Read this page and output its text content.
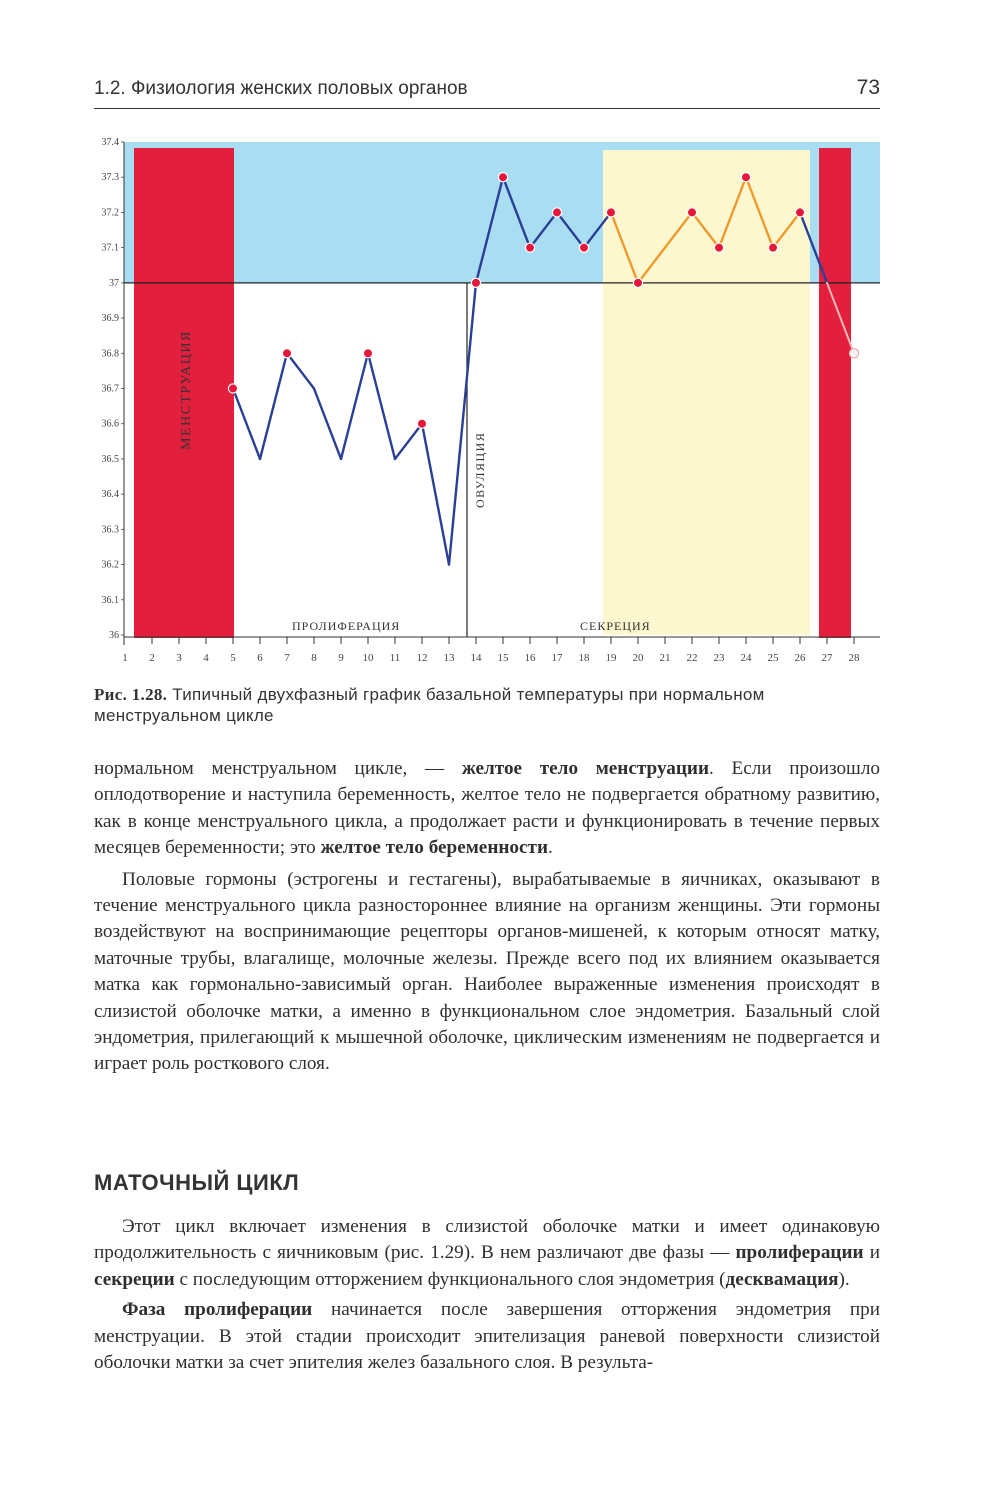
1.2. Физиология женских половых органов	73
МЕНСТРУАЦИЯ
ОВУЛЯЦИЯ
ПРОЛИФЕРАЦИЯ	СЕКРЕЦИЯ
36
36.1
36.2
36.3
36.4
36.5
36.6
36.7
36.8
36.9
37
37.1
37.2
37.3
37.4
1 2 3 4 5 6 7 8 9 10 11 12 13 14 15 16 17 18 19 20 21 22 23 24 25 26 27 28
Рис. 1.28. Типичный двухфазный график базальной температуры при нормальном менструальном цикле

нормальном менструальном цикле, — желтое тело менструации. Если произошло оплодотворение и наступила беременность, желтое тело не подвергается обратному развитию, как в конце менструального цикла, а продолжает расти и функционировать в течение первых месяцев беременности; это желтое тело беременности.

Половые гормоны (эстрогены и гестагены), вырабатываемые в яичниках, оказывают в течение менструального цикла разностороннее влияние на организм женщины. Эти гормоны воздействуют на воспринимающие рецепторы органов-мишеней, к которым относят матку, маточные трубы, влагалище, молочные железы. Прежде всего под их влиянием оказывается матка как гормонально-зависимый орган. Наиболее выраженные изменения происходят в слизистой оболочке матки, а именно в функциональном слое эндометрия. Базальный слой эндометрия, прилегающий к мышечной оболочке, циклическим изменениям не подвергается и играет роль росткового слоя.

МАТОЧНЫЙ ЦИКЛ

Этот цикл включает изменения в слизистой оболочке матки и имеет одинаковую продолжительность с яичниковым (рис. 1.29). В нем различают две фазы — пролиферации и секреции с последующим отторжением функционального слоя эндометрия (десквамация).

Фаза пролиферации начинается после завершения отторжения эндометрия при менструации. В этой стадии происходит эпителизация раневой поверхности слизистой оболочки матки за счет эпителия желез базального слоя. В результа-
